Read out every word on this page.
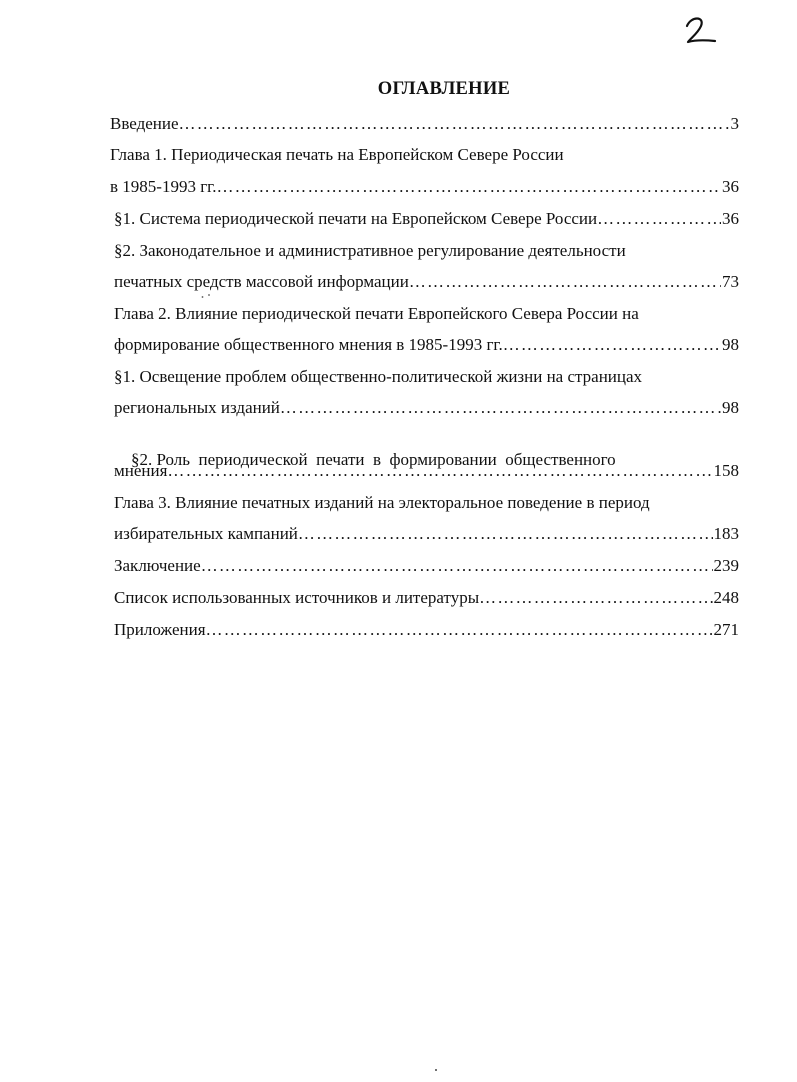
ОГЛАВЛЕНИЕ
Введение ……………………………………………………………………………………………………………………………………………………	3
Глава 1. Периодическая печать на Европейском Севере России
в 1985-1993 гг. ……………………………………………………………………………………………………………………………………………………	36
§1. Система периодической печати на Европейском Севере России ……………………………………………………………………………………………………………………………………………………	36
§2. Законодательное и административное регулирование деятельности
печатных средств массовой информации ……………………………………………………………………………………………………………………………………………………	73
Глава 2. Влияние периодической печати Европейского Севера России на
формирование общественного мнения в 1985-1993 гг. ……………………………………………………………………………………………………………………………………………………	98
§1. Освещение проблем общественно-политической жизни на страницах
региональных изданий ……………………………………………………………………………………………………………………………………………………	98

§2. Роль  периодической  печати  в  формировании  общественного

мнения ……………………………………………………………………………………………………………………………………………………	158
Глава 3. Влияние печатных изданий на электоральное поведение в период
избирательных кампаний ……………………………………………………………………………………………………………………………………………………	183
Заключение ……………………………………………………………………………………………………………………………………………………	239
Список использованных источников и литературы ……………………………………………………………………………………………………………………………………………………	248
Приложения ……………………………………………………………………………………………………………………………………………………	271
